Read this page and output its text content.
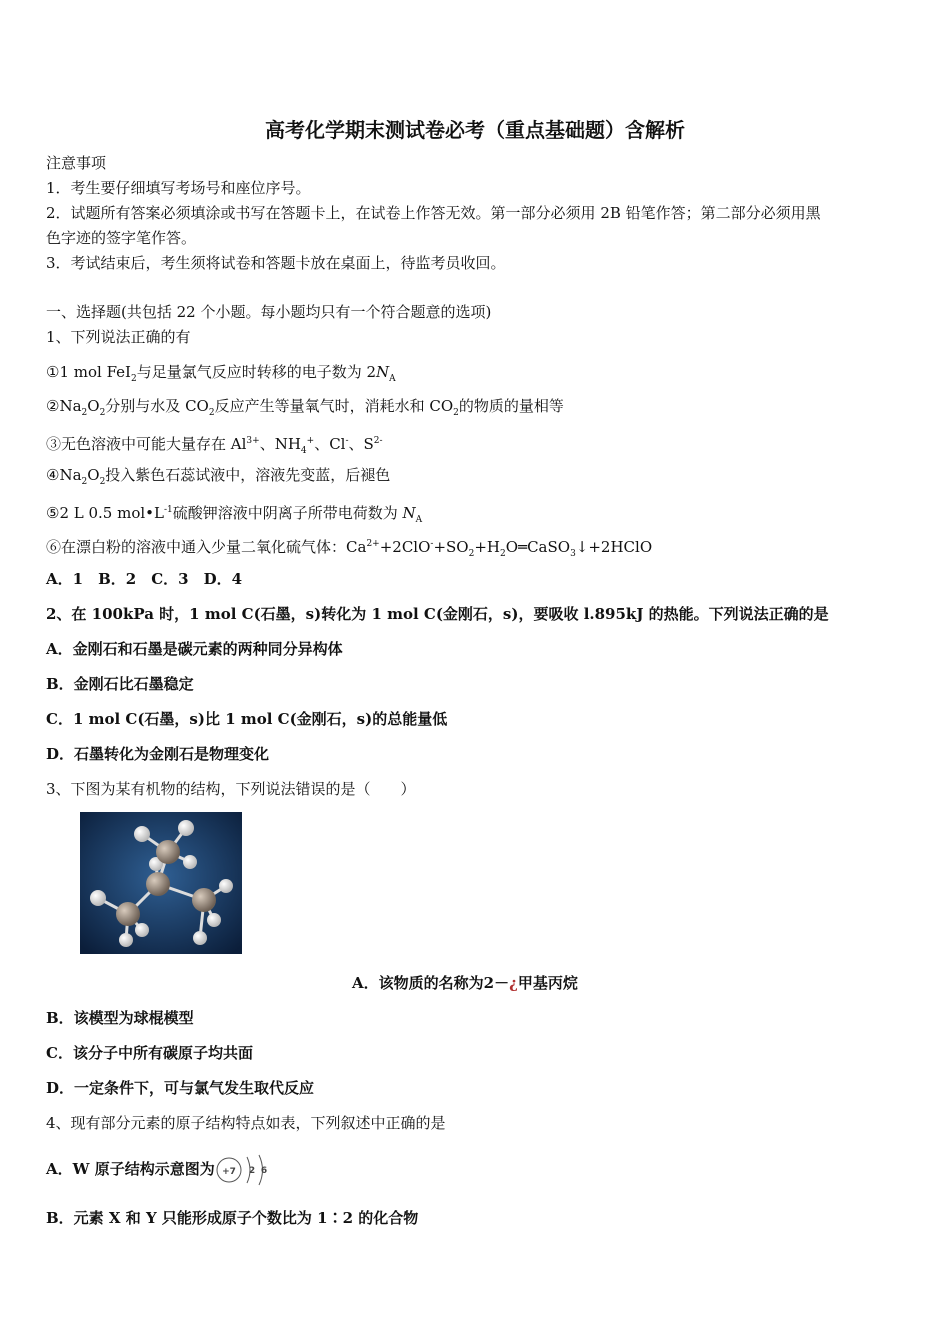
高考化学期末测试卷必考（重点基础题）含解析
注意事项
1．考生要仔细填写考场号和座位序号。
2．试题所有答案必须填涂或书写在答题卡上，在试卷上作答无效。第一部分必须用 2B 铅笔作答；第二部分必须用黑
色字迹的签字笔作答。
3．考试结束后，考生须将试卷和答题卡放在桌面上，待监考员收回。
一、选择题(共包括 22 个小题。每小题均只有一个符合题意的选项)
1、下列说法正确的有
①1 mol FeI$_2$与足量氯气反应时转移的电子数为 $2N_A$
$②Na_2O_2$分别与水及 $CO_2$反应产生等量氧气时，消耗水和 $CO_2$的物质的量相等
③无色溶液中可能大量存在 $Al^{3+}$、$NH_4^+$、Cl-、$S^{2-}$
$④Na_2O_2$投入紫色石蕊试液中，溶液先变蓝，后褪色
⑤2 L 0.5 $mol•L^{-1}$硫酸钾溶液中阴离子所带电荷数为 $N_A$
⑥在漂白粉的溶液中通入少量二氧化硫气体：$Ca^{2+}+2ClO^-+SO_2+H_2O═CaSO_3↓+2HClO$
A．1　B．2　C．3　D．4
2、在 100kPa 时，1 mol C(石墨，s)转化为 1 mol C(金刚石，s)，要吸收 l.895kJ 的热能。下列说法正确的是
A．金刚石和石墨是碳元素的两种同分异构体
B．金刚石比石墨稳定
C．1 mol C(石墨，s)比 1 mol C(金刚石，s)的总能量低
D．石墨转化为金刚石是物理变化
3、下图为某有机物的结构，下列说法错误的是（　　）
A．该物质的名称为2－¿甲基丙烷
B．该模型为球棍模型
C．该分子中所有碳原子均共面
D．一定条件下，可与氯气发生取代反应
4、现有部分元素的原子结构特点如表，下列叙述中正确的是
A．W 原子结构示意图为 +7 2 6
B．元素 X 和 Y 只能形成原子个数比为 1∶2 的化合物
